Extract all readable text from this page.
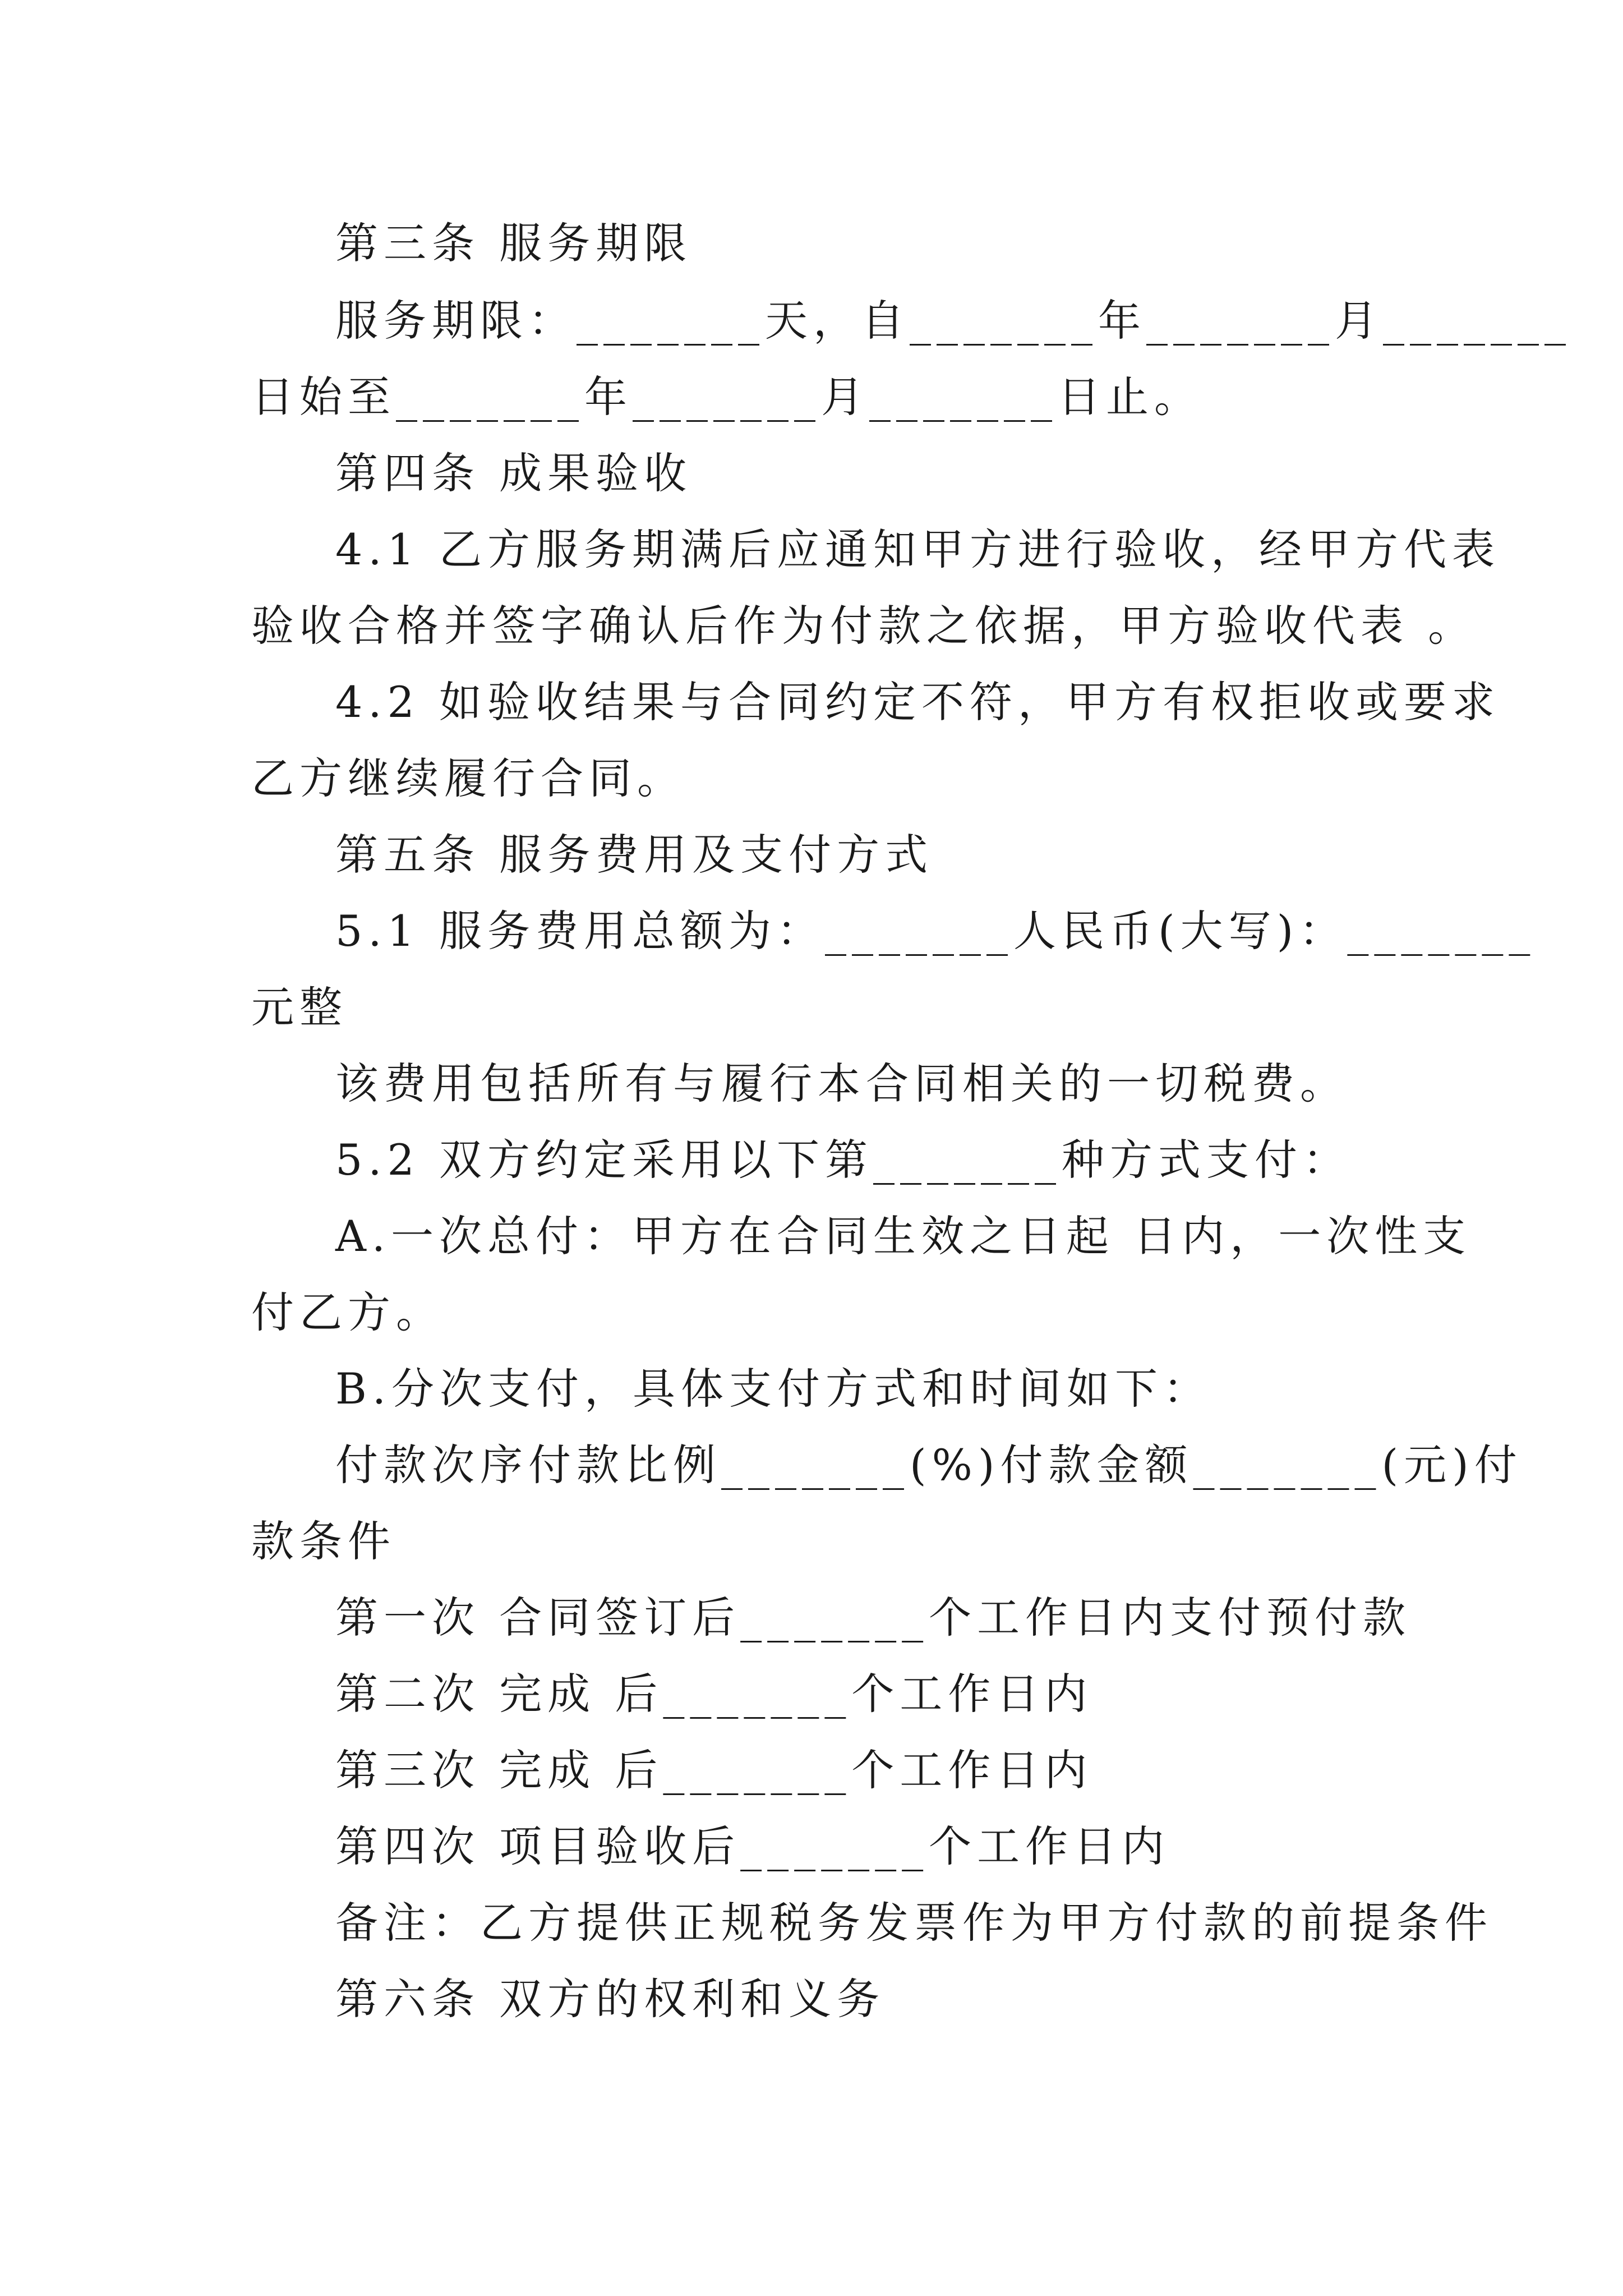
第三条 服务期限
服务期限：_______天，自_______年_______月_______
日始至_______年_______月_______日止。
第四条 成果验收
4.1 乙方服务期满后应通知甲方进行验收，经甲方代表
验收合格并签字确认后作为付款之依据，甲方验收代表 。
4.2 如验收结果与合同约定不符，甲方有权拒收或要求
乙方继续履行合同。
第五条 服务费用及支付方式
5.1 服务费用总额为：_______人民币(大写)：_______
元整
该费用包括所有与履行本合同相关的一切税费。
5.2 双方约定采用以下第_______种方式支付：
A.一次总付：甲方在合同生效之日起 日内，一次性支
付乙方。
B.分次支付，具体支付方式和时间如下：
付款次序付款比例_______(%)付款金额_______(元)付
款条件
第一次 合同签订后_______个工作日内支付预付款
第二次 完成 后_______个工作日内
第三次 完成 后_______个工作日内
第四次 项目验收后_______个工作日内
备注：乙方提供正规税务发票作为甲方付款的前提条件
第六条 双方的权利和义务
